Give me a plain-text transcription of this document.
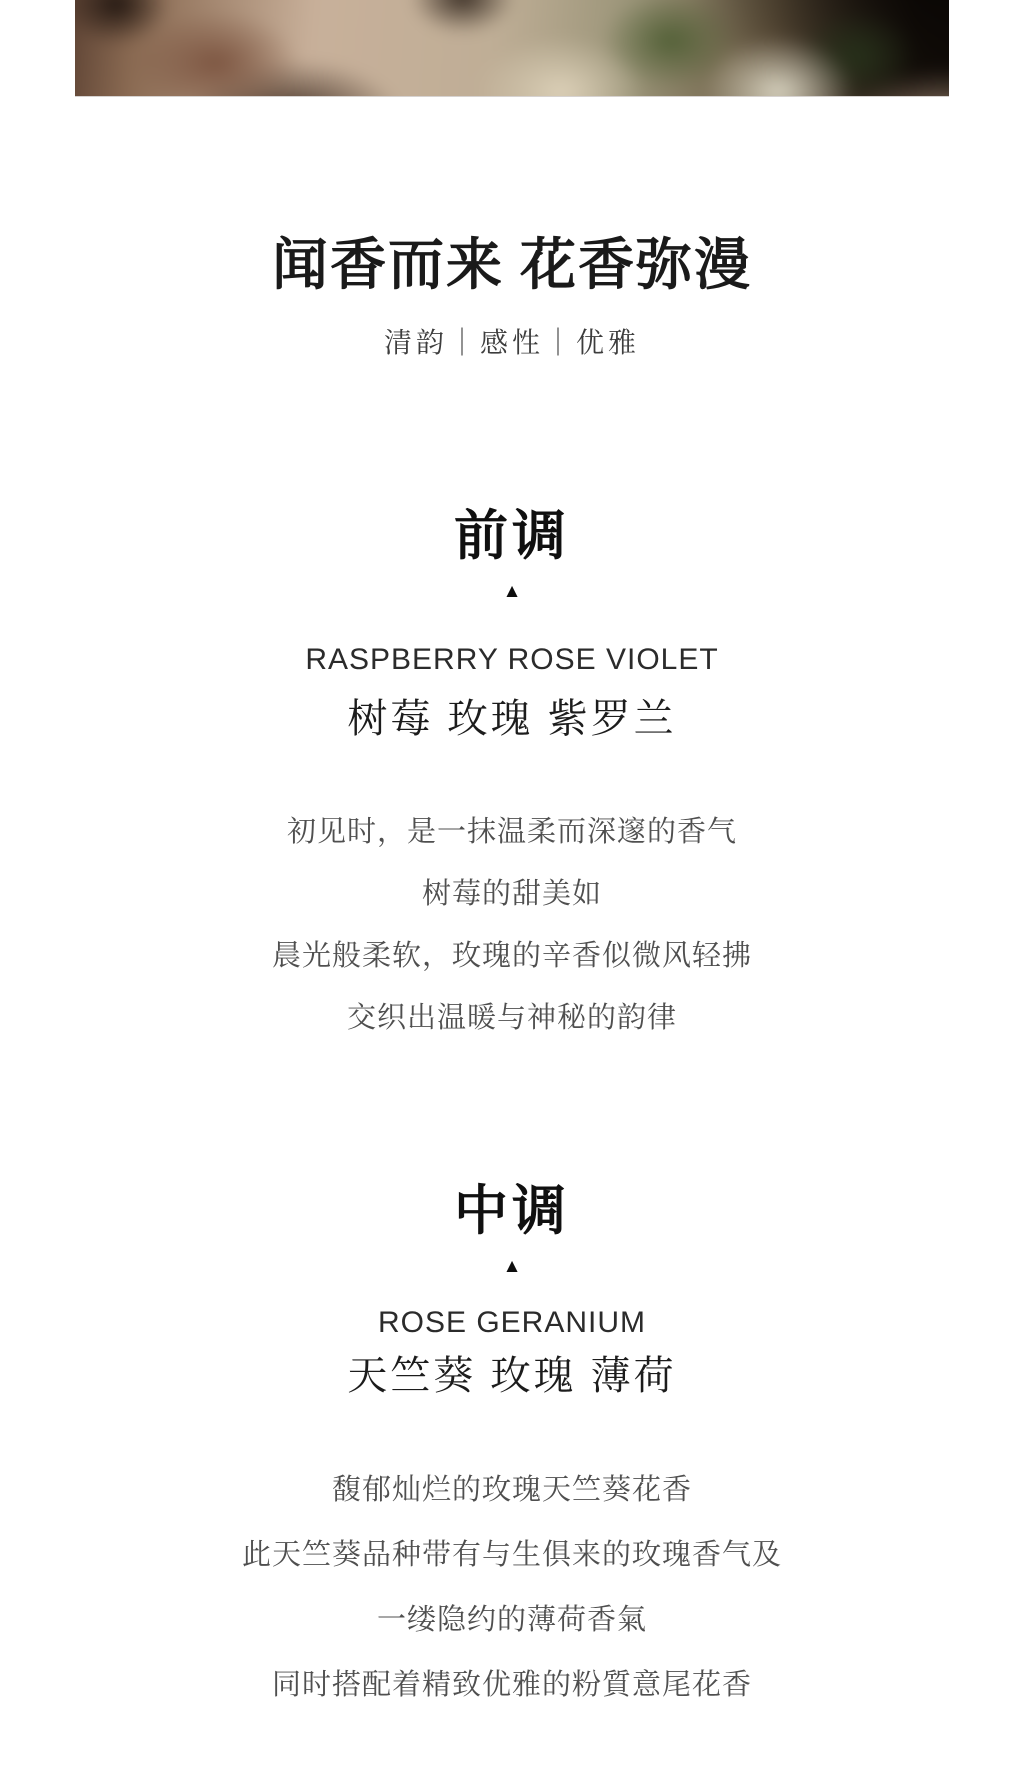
闻香而来 花香弥漫
清韵｜感性｜优雅
前调
▲
RASPBERRY ROSE VIOLET
树莓 玫瑰 紫罗兰
初见时，是一抹温柔而深邃的香气
树莓的甜美如
晨光般柔软，玫瑰的辛香似微风轻拂
交织出温暖与神秘的韵律
中调
▲
ROSE GERANIUM
天竺葵 玫瑰 薄荷
馥郁灿烂的玫瑰天竺葵花香
此天竺葵品种带有与生俱来的玫瑰香气及
一缕隐约的薄荷香氣
同时搭配着精致优雅的粉質意尾花香
